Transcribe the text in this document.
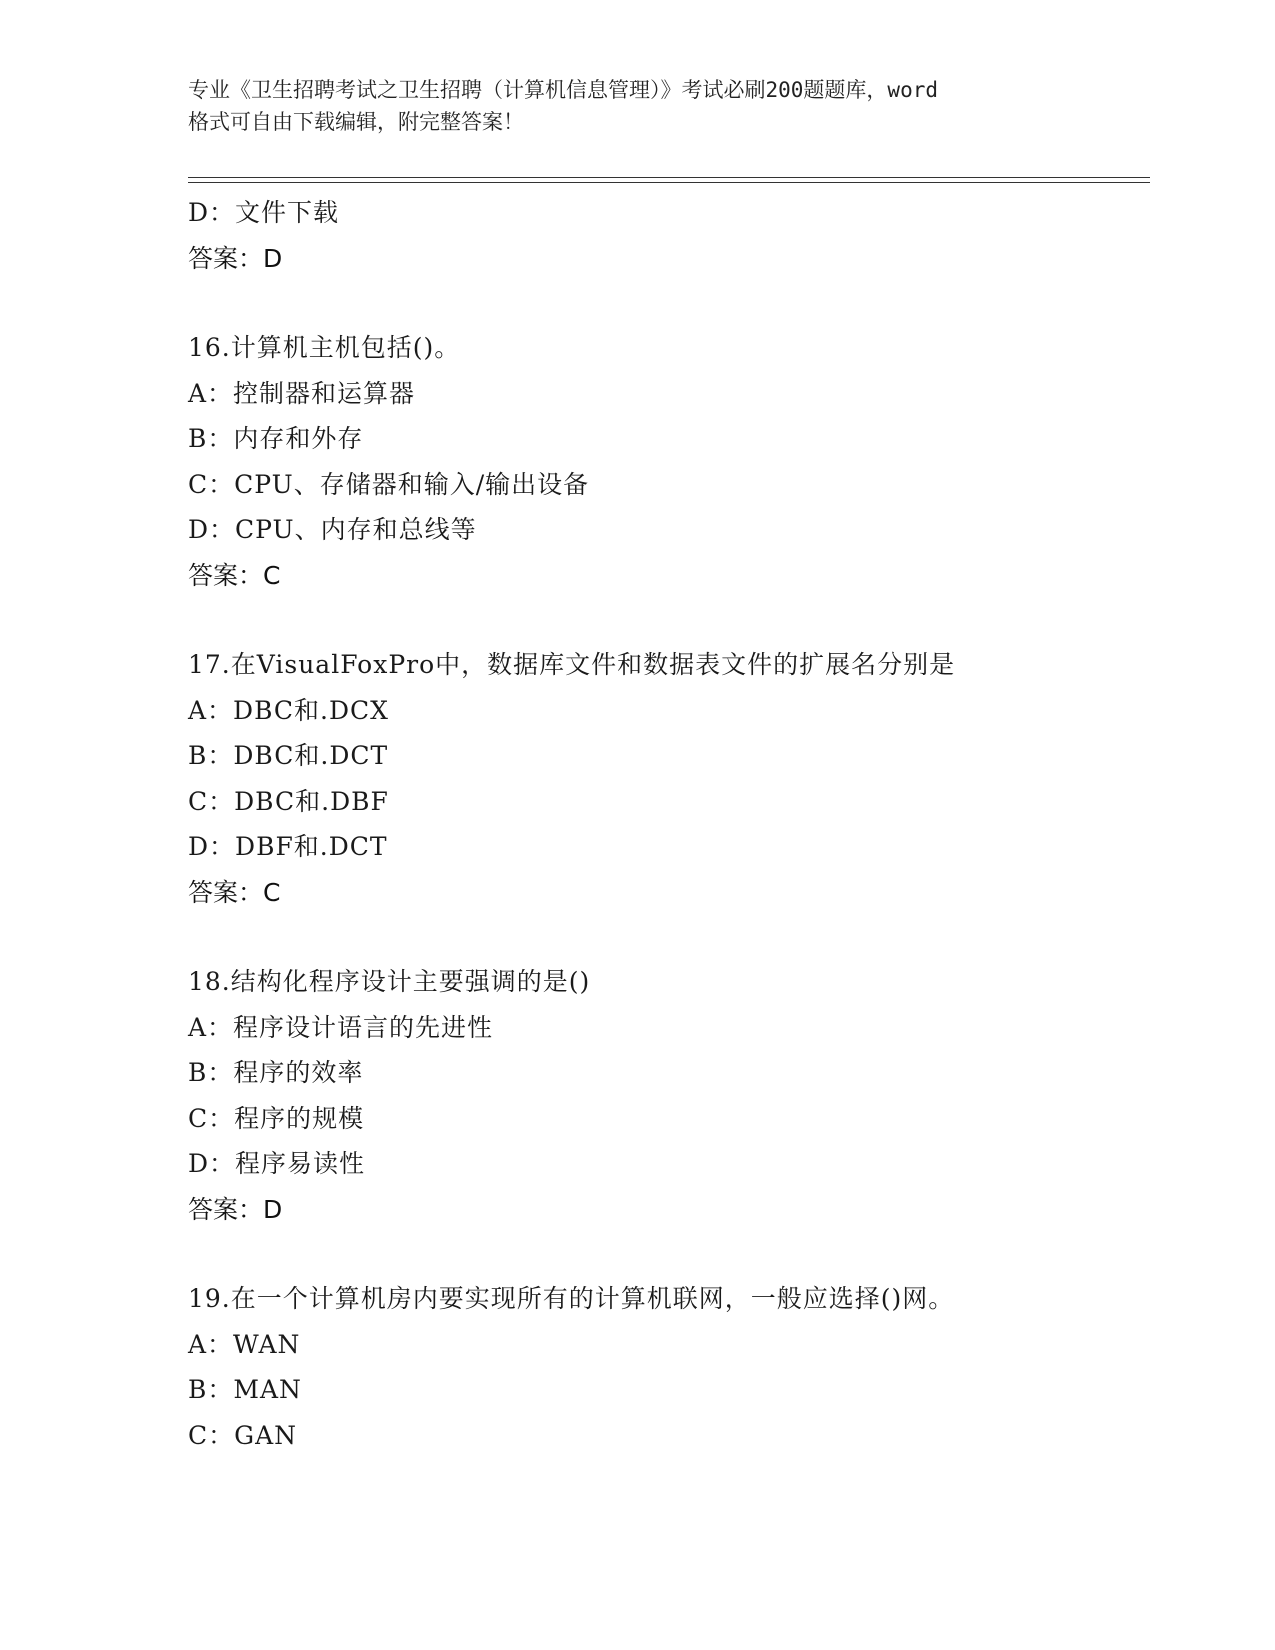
专业《卫生招聘考试之卫生招聘（计算机信息管理）》考试必刷200题题库，word
格式可自由下载编辑，附完整答案！
D：文件下载
答案：D
16.计算机主机包括()。
A：控制器和运算器
B：内存和外存
C：CPU、存储器和输入/输出设备
D：CPU、内存和总线等
答案：C
17.在VisualFoxPro中，数据库文件和数据表文件的扩展名分别是
A：DBC和.DCX
B：DBC和.DCT
C：DBC和.DBF
D：DBF和.DCT
答案：C
18.结构化程序设计主要强调的是()
A：程序设计语言的先进性
B：程序的效率
C：程序的规模
D：程序易读性
答案：D
19.在一个计算机房内要实现所有的计算机联网，一般应选择()网。
A：WAN
B：MAN
C：GAN
